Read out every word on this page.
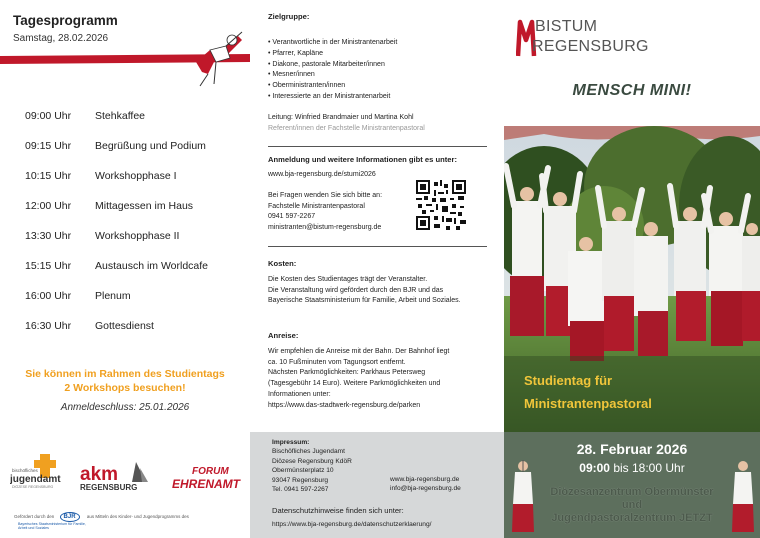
Tagesprogramm
Samstag, 28.02.2026
09:00 Uhr Stehkaffee
09:15 Uhr Begrüßung und Podium
10:15 Uhr Workshopphase I
12:00 Uhr Mittagessen im Haus
13:30 Uhr Workshopphase II
15:15 Uhr Austausch im Worldcafe
16:00 Uhr Plenum
16:30 Uhr Gottesdienst
Sie können im Rahmen des Studientags
2 Workshops besuchen!
Anmeldeschluss: 25.01.2026
bischöfliches
jugendamt
DIÖZESE REGENSBURG
akm
REGENSBURG
FORUM
EHRENAMT
Gefördert durch den BJR	aus Mitteln des Kinder- und Jugendprogramms des Bayerisches Staatsministerium für Familie, Arbeit und Soziales
Zielgruppe:
• Verantwortliche in der Ministrantenarbeit
• Pfarrer, Kapläne
• Diakone, pastorale Mitarbeiter/innen
• Mesner/innen
• Oberministranten/innen
• Interessierte an der Ministrantenarbeit
Leitung: Winfried Brandmaier und Martina Kohl
Referent/innen der Fachstelle Ministrantenpastoral
Anmeldung und weitere Informationen gibt es unter:
www.bja-regensburg.de/stumi2026
Bei Fragen wenden Sie sich bitte an:
Fachstelle Ministrantenpastoral
0941 597-2267
ministranten@bistum-regensburg.de
Kosten:
Die Kosten des Studientages trägt der Veranstalter.
Die Veranstaltung wird gefördert durch den BJR und das
Bayerische Staatsministerium für Familie, Arbeit und Soziales.
Anreise:
Wir empfehlen die Anreise mit der Bahn. Der Bahnhof liegt
ca. 10 Fußminuten vom Tagungsort entfernt.
Nächsten Parkmöglichkeiten: Parkhaus Petersweg
(Tagesgebühr 14 Euro). Weitere Parkmöglichkeiten und
Informationen unter:
https://www.das-stadtwerk-regensburg.de/parken
Impressum:
Bischöfliches Jugendamt
Diözese Regensburg KdöR
Obermünsterplatz 10
93047 Regensburg
Tel. 0941 597-2267
www.bja-regensburg.de
info@bja-regensburg.de
Datenschutzhinweise finden sich unter:
https://www.bja-regensburg.de/datenschutzerklaerung/
BISTUM
REGENSBURG
MENSCH MINI!
Studientag für
Ministrantenpastoral
28. Februar 2026
09:00 bis 18:00 Uhr
Diözesanzentrum Obermünster
und
Jugendpastoralzentrum JETZT
